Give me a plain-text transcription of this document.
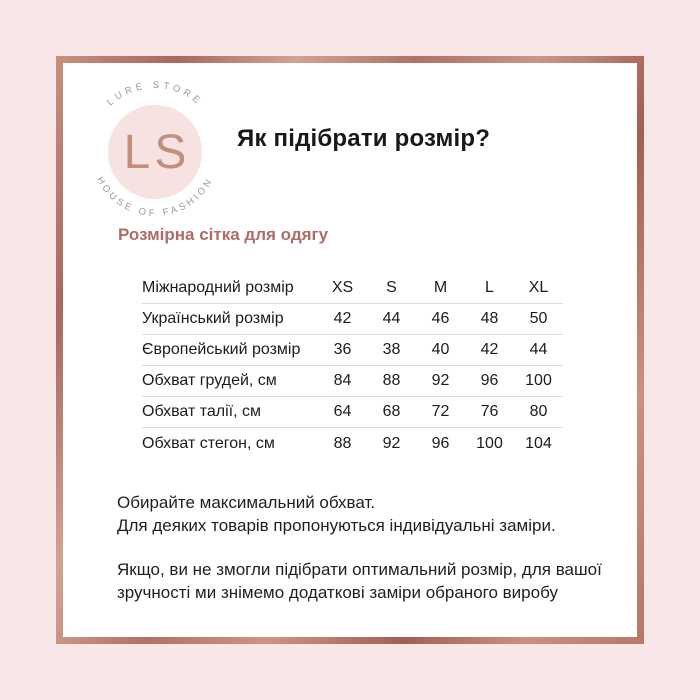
LURE STORE
LS
HOUSE OF FASHION
Як підібрати розмір?
Розмірна сітка для одягу
Міжнародний розмір	XS	S	M	L	XL
Український розмір	42	44	46	48	50
Європейський розмір	36	38	40	42	44
Обхват грудей, см	84	88	92	96	100
Обхват талії, см	64	68	72	76	80
Обхват стегон, см	88	92	96	100	104
Обирайте максимальний обхват.
Для деяких товарів пропонуються індивідуальні заміри.
Якщо, ви не змогли підібрати оптимальний розмір, для вашої зручності ми знімемо додаткові заміри обраного виробу
